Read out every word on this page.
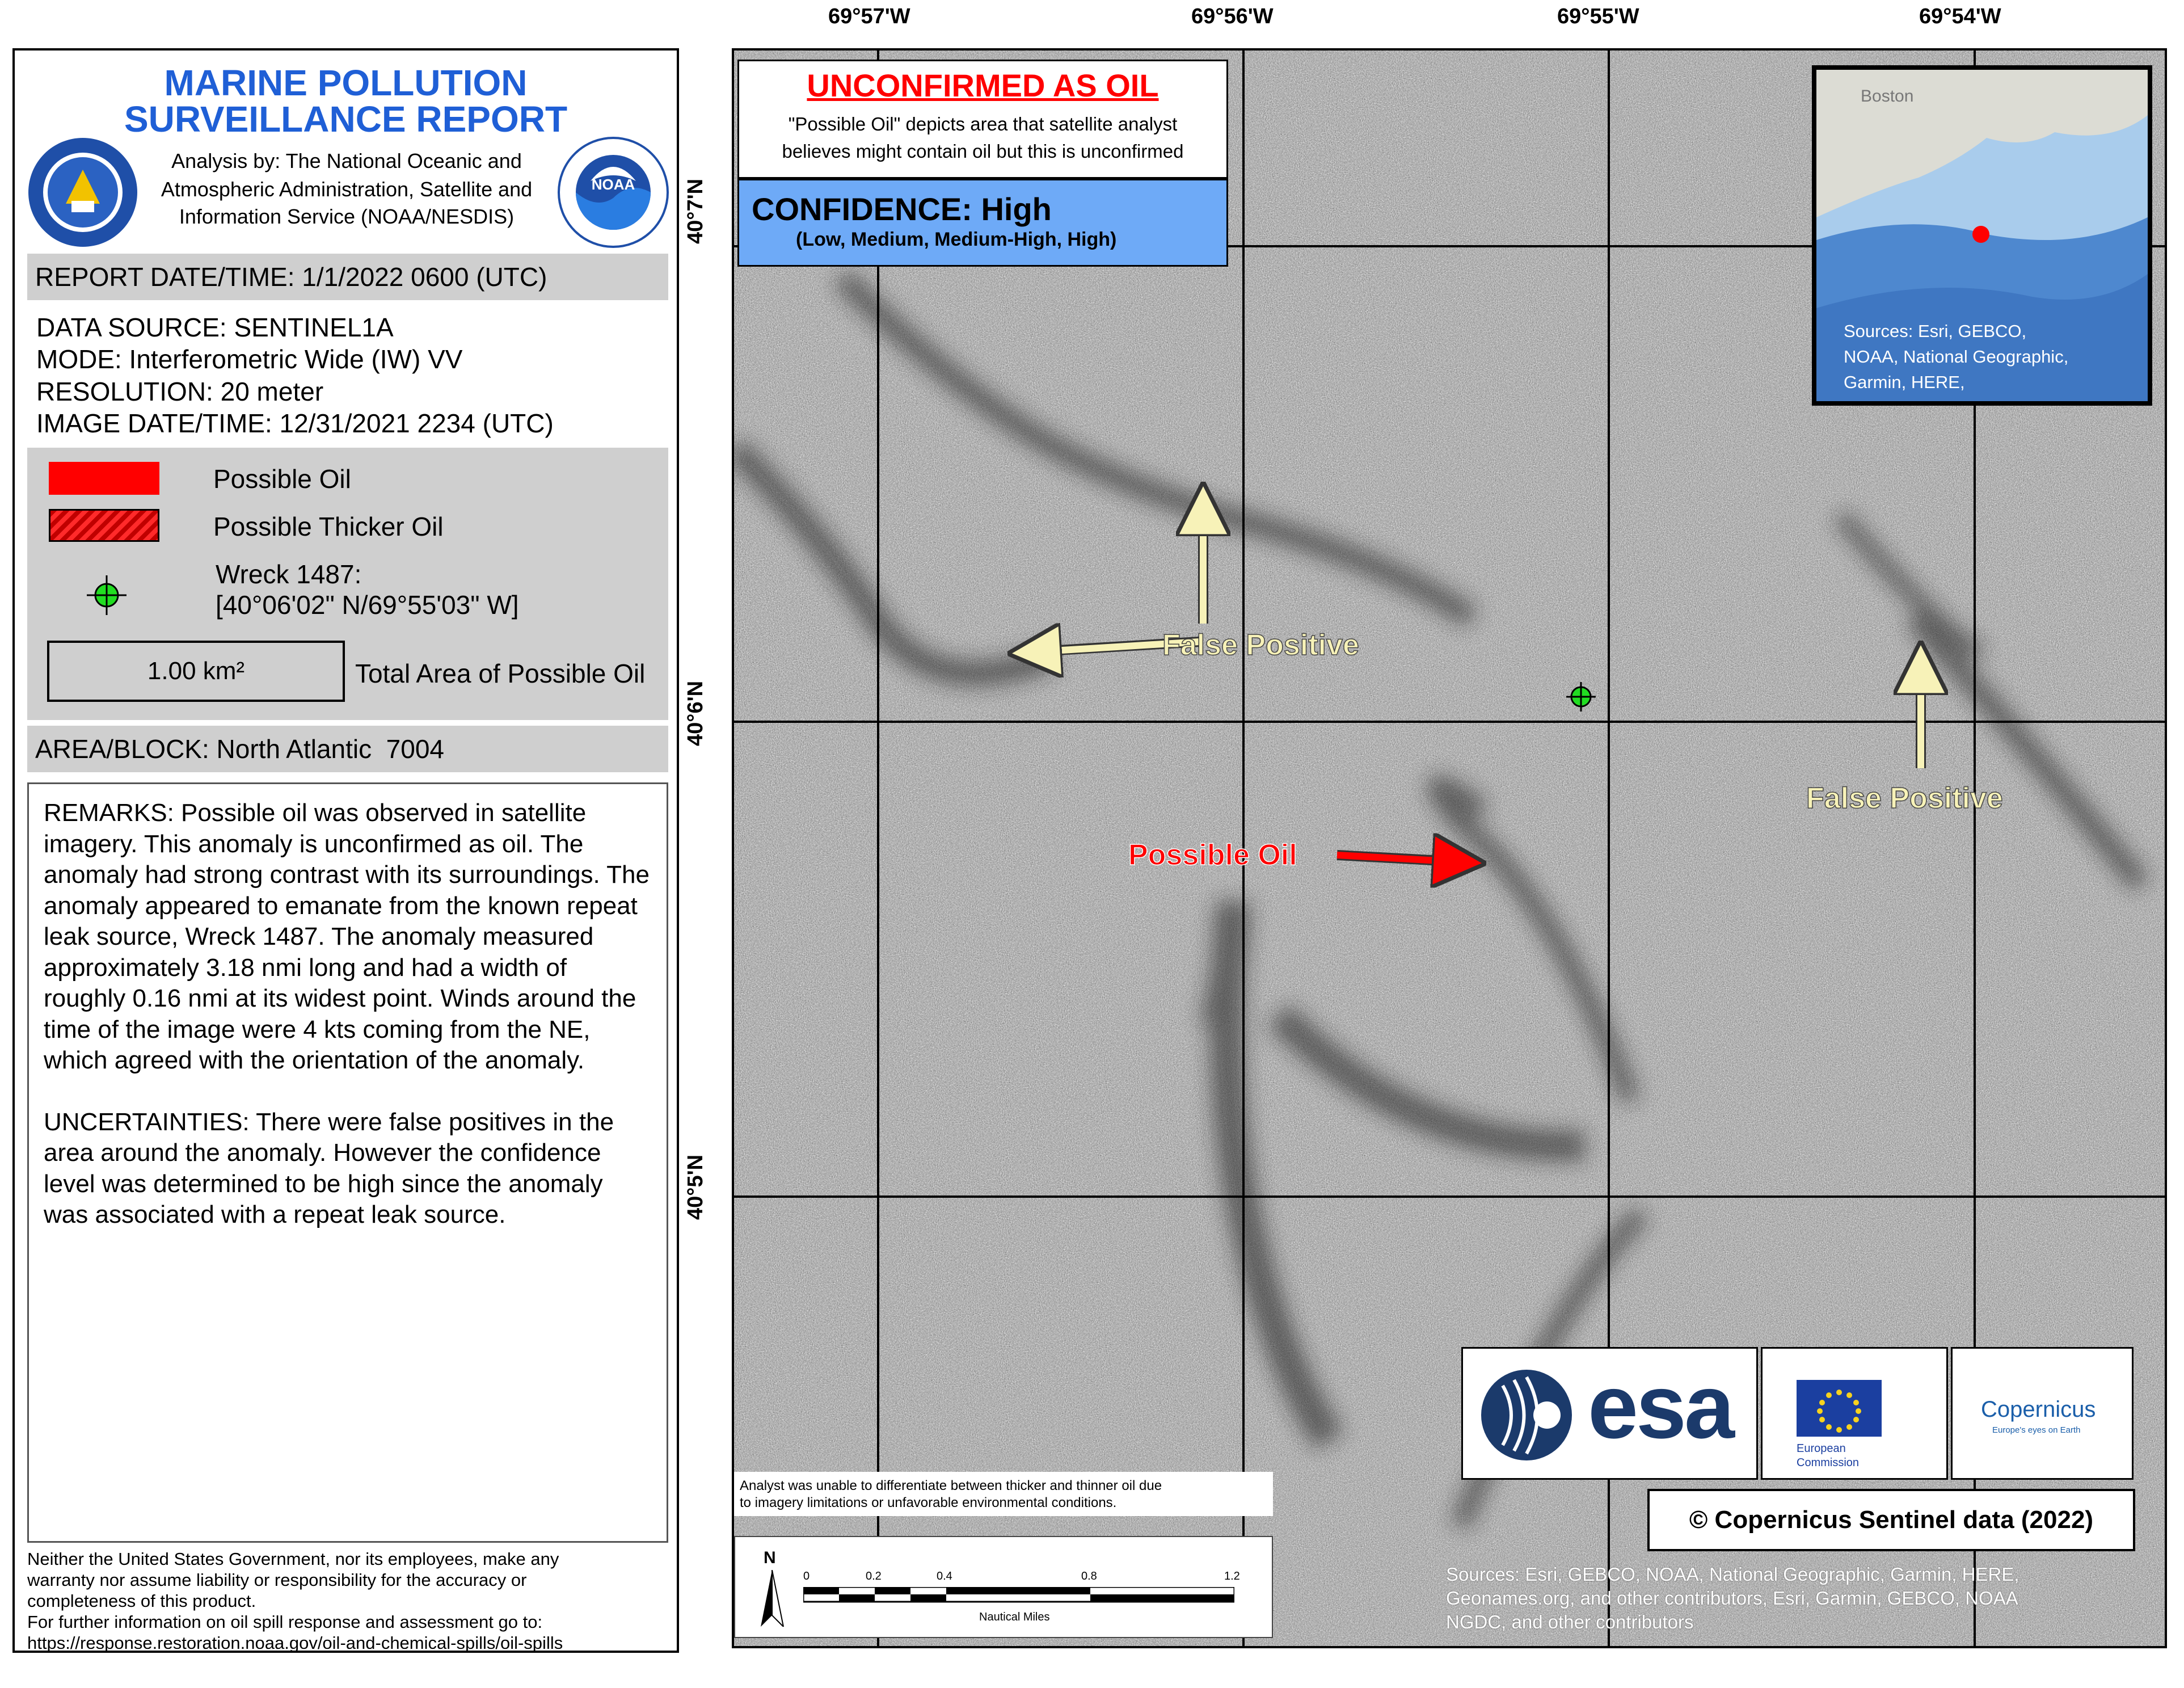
MARINE POLLUTION
SURVEILLANCE REPORT
NOAA
Analysis by: The National Oceanic and
Atmospheric Administration, Satellite and
Information Service (NOAA/NESDIS)
REPORT DATE/TIME: 1/1/2022 0600 (UTC)
DATA SOURCE: SENTINEL1A
MODE: Interferometric Wide (IW) VV
RESOLUTION: 20 meter
IMAGE DATE/TIME: 12/31/2021 2234 (UTC)
Possible Oil
Possible Thicker Oil
Wreck 1487:
[40°06'02" N/69°55'03" W]
1.00 km²	Total Area of Possible Oil
AREA/BLOCK: North Atlantic  7004

REMARKS: Possible oil was observed in satellite imagery. This anomaly is unconfirmed as oil. The anomaly had strong contrast with its surroundings. The anomaly appeared to emanate from the known repeat leak source, Wreck 1487. The anomaly measured approximately 3.18 nmi long and had a width of roughly 0.16 nmi at its widest point. Winds around the time of the image were 4 kts coming from the NE, which agreed with the orientation of the anomaly.

UNCERTAINTIES: There were false positives in the area around the anomaly. However the confidence level was determined to be high since the anomaly was associated with a repeat leak source.

Neither the United States Government, nor its employees, make any
warranty nor assume liability or responsibility for the accuracy or
completeness of this product.
For further information on oil spill response and assessment go to:
https://response.restoration.noaa.gov/oil-and-chemical-spills/oil-spills
69°57'W	69°56'W	69°55'W	69°54'W
40°7'N
40°6'N
40°5'N
False Positive
False Positive
Possible Oil
UNCONFIRMED AS OIL
"Possible Oil" depicts area that satellite analyst
believes might contain oil but this is unconfirmed
CONFIDENCE: High
(Low, Medium, Medium-High, High)
Boston
Sources: Esri, GEBCO,
NOAA, National Geographic,
Garmin, HERE,
esa	European
Commission
Copernicus
Europe's eyes on Earth
Analyst was unable to differentiate between thicker and thinner oil due
to imagery limitations or unfavorable environmental conditions.
© Copernicus Sentinel data (2022)
N
0	0.2	0.4	0.8	1.2
Nautical Miles
Sources: Esri, GEBCO, NOAA, National Geographic, Garmin, HERE,
Geonames.org, and other contributors, Esri, Garmin, GEBCO, NOAA
NGDC, and other contributors
